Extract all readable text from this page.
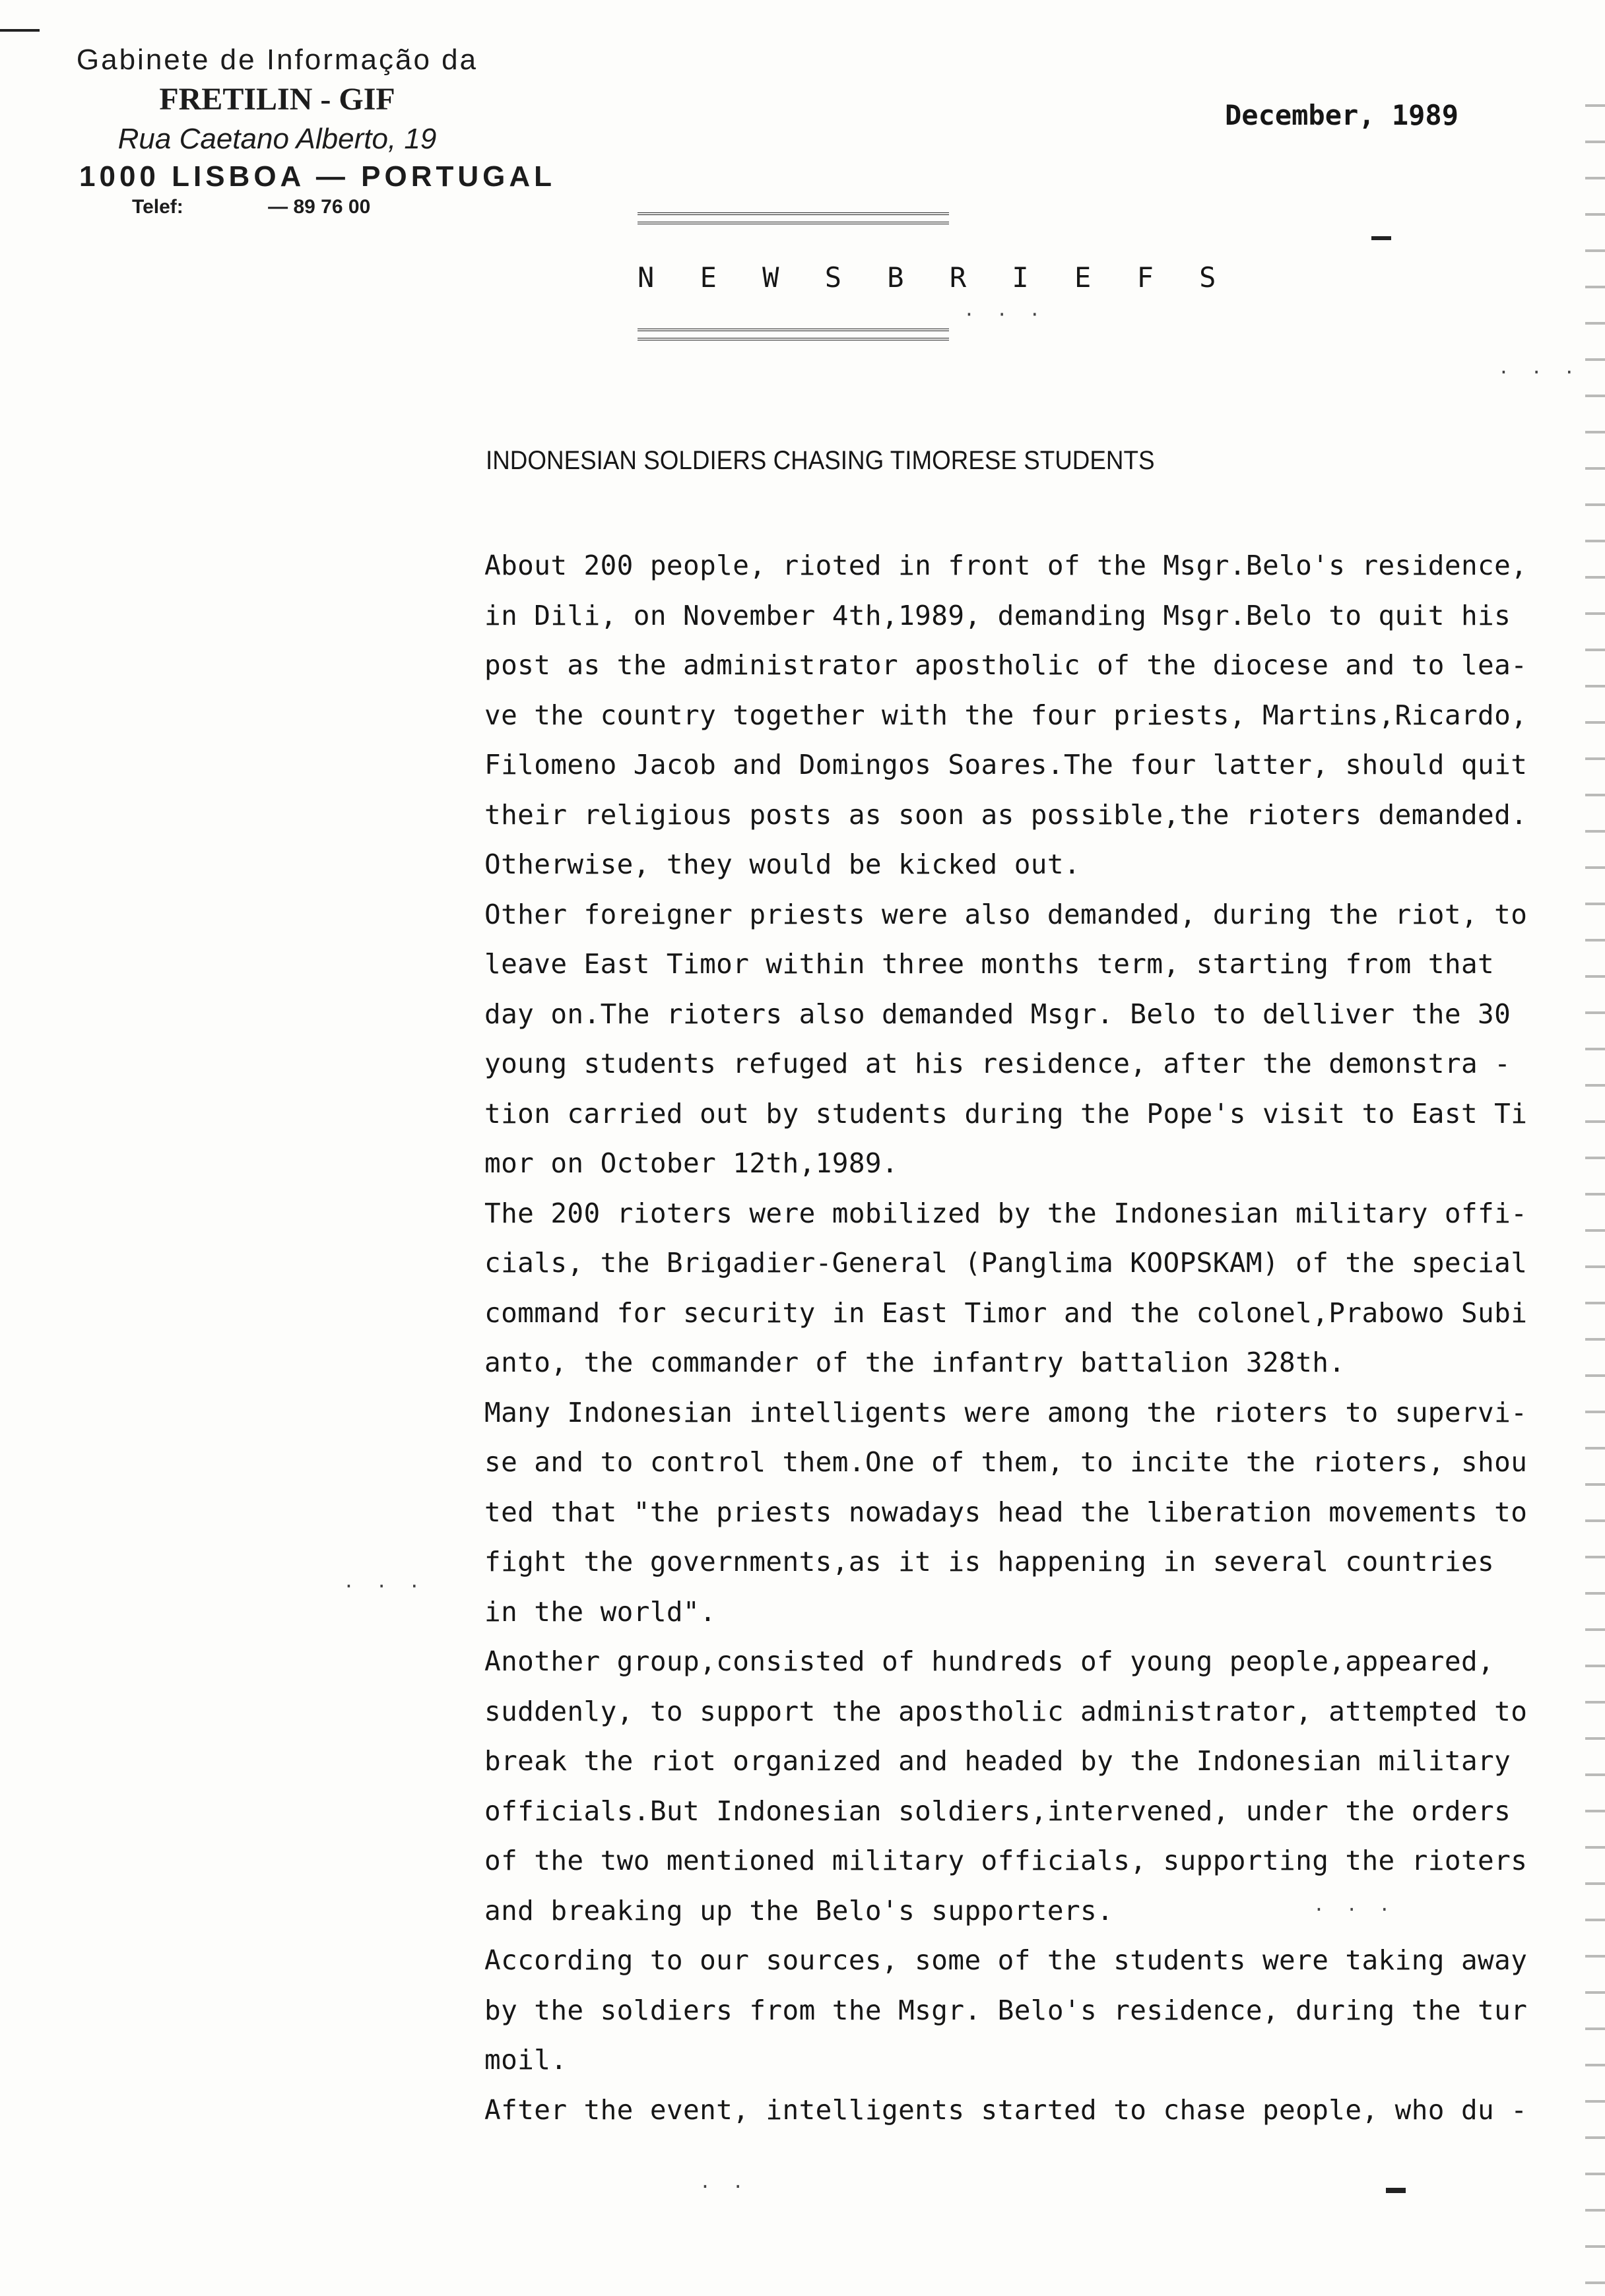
Gabinete de Informação da
FRETILIN - GIF
Rua Caetano Alberto, 19
1000 LISBOA — PORTUGAL
Telef:	— 89 76 00
December, 1989
N E W S B R I E F S
INDONESIAN SOLDIERS CHASING TIMORESE STUDENTS
About 200 people, rioted in front of the Msgr.Belo's residence,
in Dili, on November 4th,1989, demanding Msgr.Belo to quit his
post as the administrator apostholic of the diocese and to lea-
ve the country together with the four priests, Martins,Ricardo,
Filomeno Jacob and Domingos Soares.The four latter, should quit
their religious posts as soon as possible,the rioters demanded.
Otherwise, they would be kicked out.
Other foreigner priests were also demanded, during the riot, to
leave East Timor within three months term, starting from that
day on.The rioters also demanded Msgr. Belo to delliver the 30
young students refuged at his residence, after the demonstra -
tion carried out by students during the Pope's visit to East Ti
mor on October 12th,1989.
The 200 rioters were mobilized by the Indonesian military offi-
cials, the Brigadier-General (Panglima KOOPSKAM) of the special
command for security in East Timor and the colonel,Prabowo Subi
anto, the commander of the infantry battalion 328th.
Many Indonesian intelligents were among the rioters to supervi-
se and to control them.One of them, to incite the rioters, shou
ted that "the priests nowadays head the liberation movements to
fight the governments,as it is happening in several countries
in the world".
Another group,consisted of hundreds of young people,appeared,
suddenly, to support the apostholic administrator, attempted to
break the riot organized and headed by the Indonesian military
officials.But Indonesian soldiers,intervened, under the orders
of the two mentioned military officials, supporting the rioters
and breaking up the Belo's supporters.
According to our sources, some of the students were taking away
by the soldiers from the Msgr. Belo's residence, during the tur
moil.
After the event, intelligents started to chase people, who du -
. . .
· · ·
. . .
. . .
. .
